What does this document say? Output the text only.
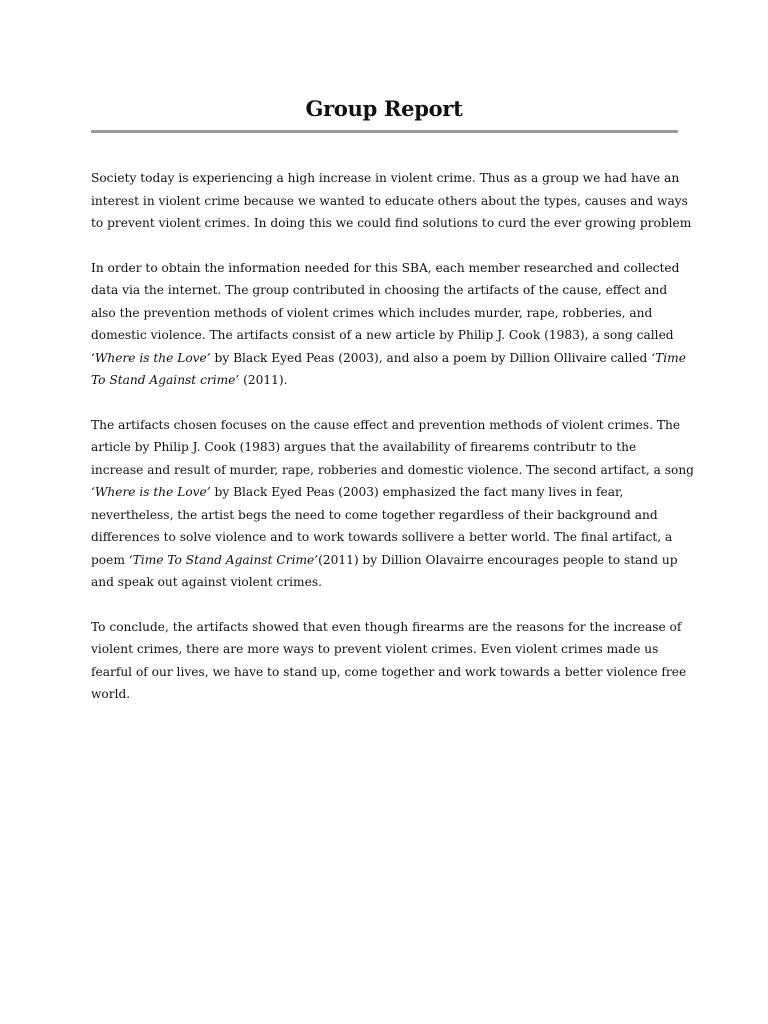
Group Report

Society today is experiencing a high increase in violent crime. Thus as a group we had have an
interest in violent crime because we wanted to educate others about the types, causes and ways
to prevent violent crimes. In doing this we could find solutions to curd the ever growing problem

In order to obtain the information needed for this SBA, each member researched and collected
data via the internet. The group contributed in choosing the artifacts of the cause, effect and
also the prevention methods of violent crimes which includes murder, rape, robberies, and
domestic violence. The artifacts consist of a new article by Philip J. Cook (1983), a song called
‘Where is the Love’ by Black Eyed Peas (2003), and also a poem by Dillion Ollivaire called ‘Time
To Stand Against crime’ (2011).

The artifacts chosen focuses on the cause effect and prevention methods of violent crimes. The
article by Philip J. Cook (1983) argues that the availability of firearems contributr to the
increase and result of murder, rape, robberies and domestic violence. The second artifact, a song
‘Where is the Love’ by Black Eyed Peas (2003) emphasized the fact many lives in fear,
nevertheless, the artist begs the need to come together regardless of their background and
differences to solve violence and to work towards sollivere a better world. The final artifact, a
poem ‘Time To Stand Against Crime’(2011) by Dillion Olavairre encourages people to stand up
and speak out against violent crimes.

To conclude, the artifacts showed that even though firearms are the reasons for the increase of
violent crimes, there are more ways to prevent violent crimes. Even violent crimes made us
fearful of our lives, we have to stand up, come together and work towards a better violence free
world.
